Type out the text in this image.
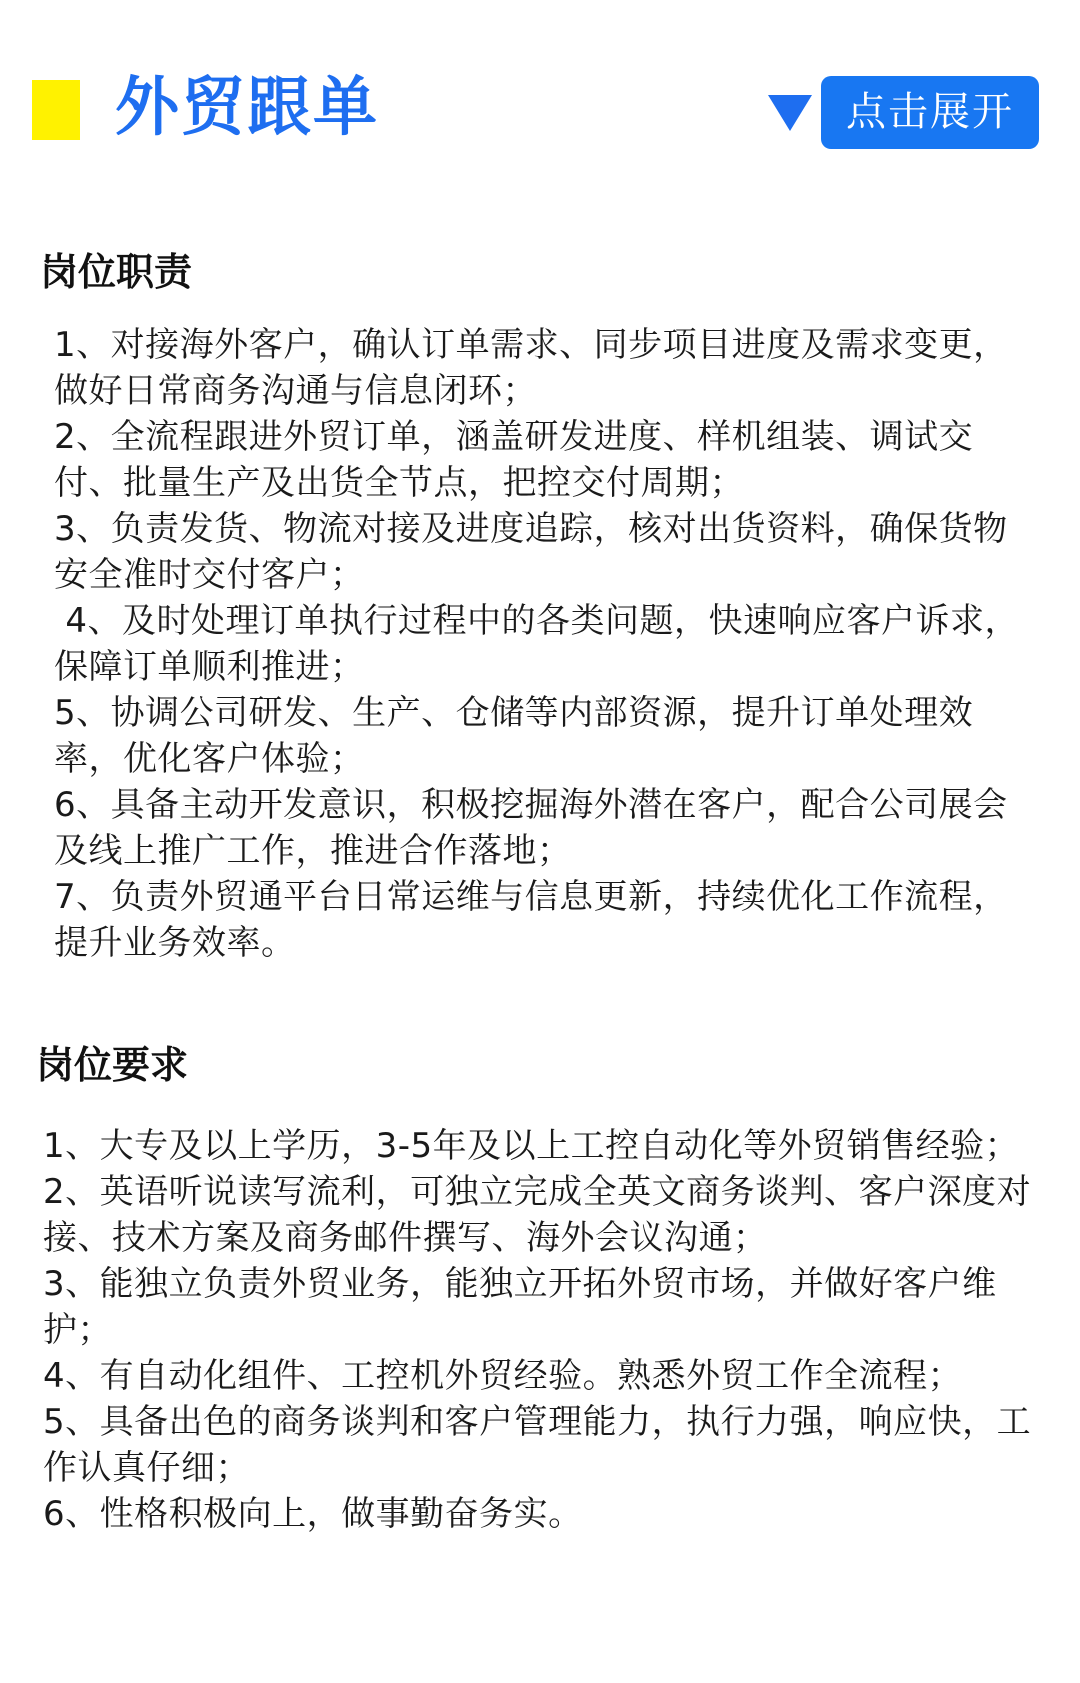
外贸跟单	点击展开
岗位职责
1、对接海外客户，确认订单需求、同步项目进度及需求变更，做好日常商务沟通与信息闭环；
2、全流程跟进外贸订单，涵盖研发进度、样机组装、调试交付、批量生产及出货全节点，把控交付周期；
3、负责发货、物流对接及进度追踪，核对出货资料，确保货物安全准时交付客户；
4、及时处理订单执行过程中的各类问题，快速响应客户诉求，保障订单顺利推进；
5、协调公司研发、生产、仓储等内部资源，提升订单处理效率，优化客户体验；
6、具备主动开发意识，积极挖掘海外潜在客户，配合公司展会及线上推广工作，推进合作落地；
7、负责外贸通平台日常运维与信息更新，持续优化工作流程，提升业务效率。
岗位要求
1、大专及以上学历，3-5年及以上工控自动化等外贸销售经验；
2、英语听说读写流利，可独立完成全英文商务谈判、客户深度对接、技术方案及商务邮件撰写、海外会议沟通；
3、能独立负责外贸业务，能独立开拓外贸市场，并做好客户维护；
4、有自动化组件、工控机外贸经验。熟悉外贸工作全流程；
5、具备出色的商务谈判和客户管理能力，执行力强，响应快，工作认真仔细；
6、性格积极向上，做事勤奋务实。
